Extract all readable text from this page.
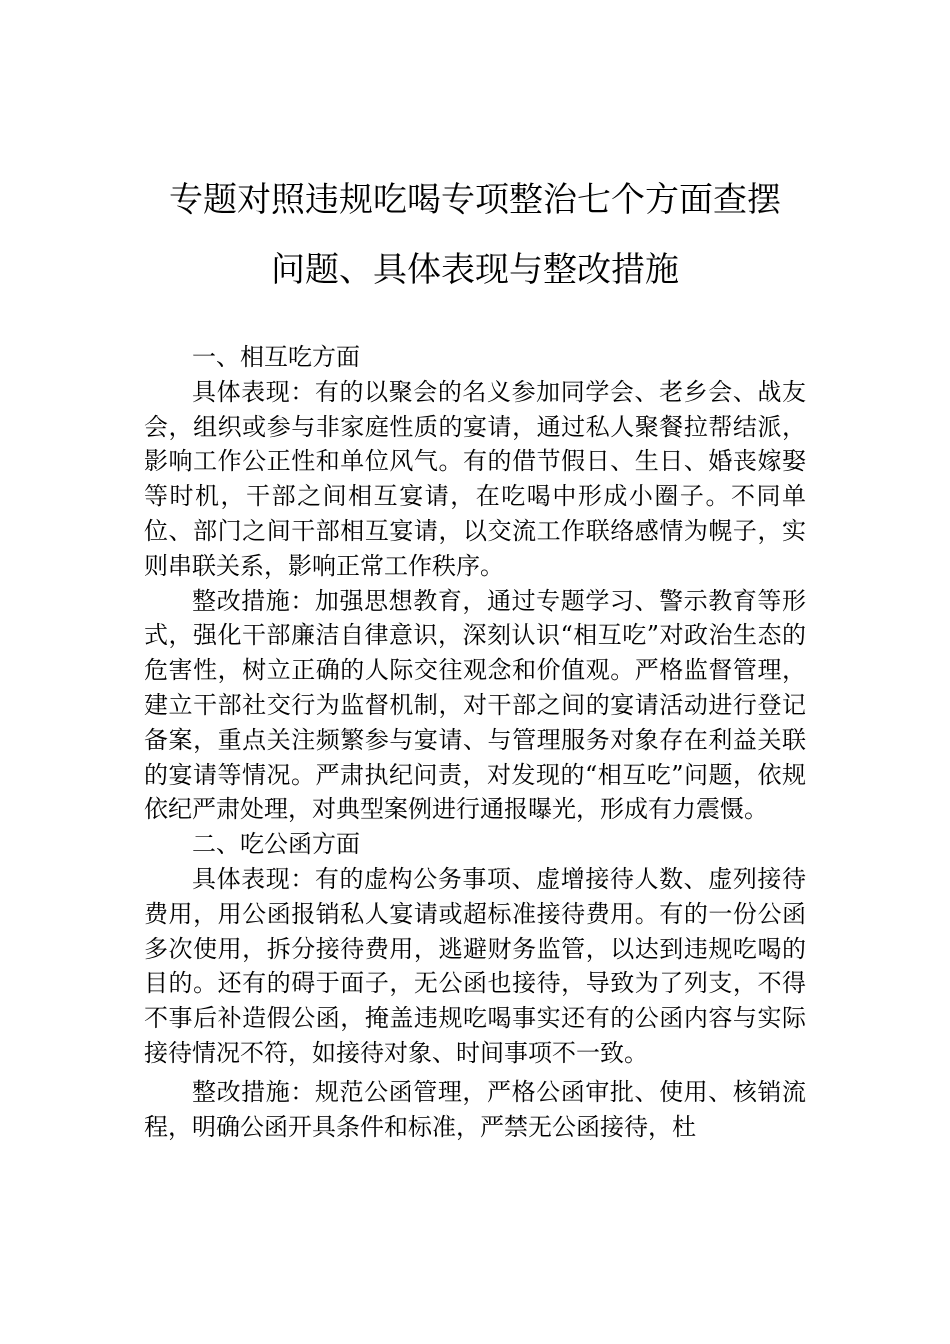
专题对照违规吃喝专项整治七个方面查摆
问题、具体表现与整改措施

一、相互吃方面

具体表现：有的以聚会的名义参加同学会、老乡会、战友会，组织或参与非家庭性质的宴请，通过私人聚餐拉帮结派，影响工作公正性和单位风气。有的借节假日、生日、婚丧嫁娶等时机，干部之间相互宴请，在吃喝中形成小圈子。不同单位、部门之间干部相互宴请，以交流工作联络感情为幌子，实则串联关系，影响正常工作秩序。

整改措施：加强思想教育，通过专题学习、警示教育等形式，强化干部廉洁自律意识，深刻认识“相互吃”对政治生态的危害性，树立正确的人际交往观念和价值观。严格监督管理，建立干部社交行为监督机制，对干部之间的宴请活动进行登记备案，重点关注频繁参与宴请、与管理服务对象存在利益关联的宴请等情况。严肃执纪问责，对发现的“相互吃”问题，依规依纪严肃处理，对典型案例进行通报曝光，形成有力震慑。

二、吃公函方面

具体表现：有的虚构公务事项、虚增接待人数、虚列接待费用，用公函报销私人宴请或超标准接待费用。有的一份公函多次使用，拆分接待费用，逃避财务监管，以达到违规吃喝的目的。还有的碍于面子，无公函也接待，导致为了列支，不得不事后补造假公函，掩盖违规吃喝事实还有的公函内容与实际接待情况不符，如接待对象、时间事项不一致。

整改措施：规范公函管理，严格公函审批、使用、核销流程，明确公函开具条件和标准，严禁无公函接待，杜
